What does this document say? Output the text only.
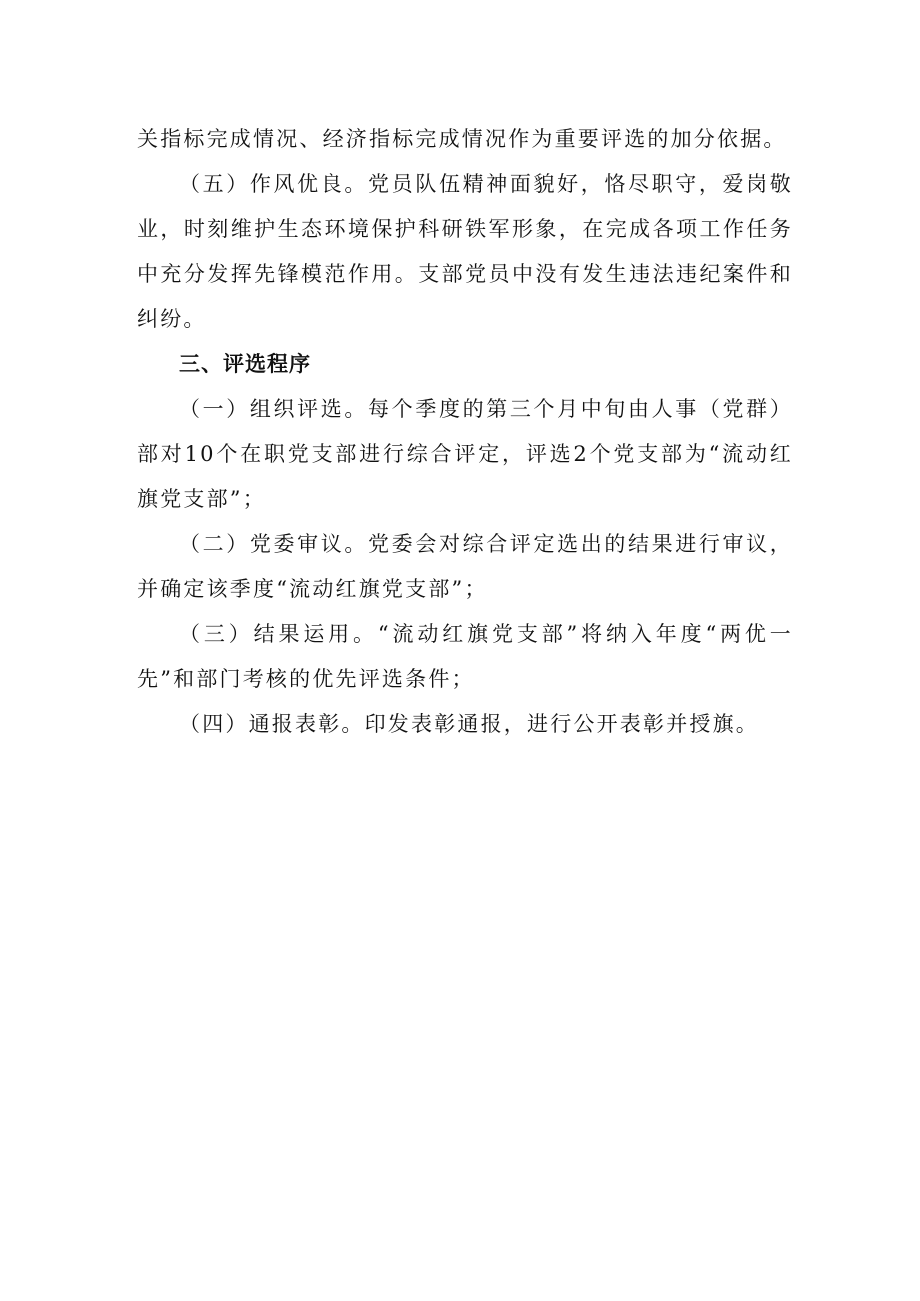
关指标完成情况、经济指标完成情况作为重要评选的加分依据。

（五）作风优良。党员队伍精神面貌好，恪尽职守，爱岗敬业，时刻维护生态环境保护科研铁军形象，在完成各项工作任务中充分发挥先锋模范作用。支部党员中没有发生违法违纪案件和纠纷。

三、评选程序

（一）组织评选。每个季度的第三个月中旬由人事（党群）部对10个在职党支部进行综合评定，评选2个党支部为“流动红旗党支部”；

（二）党委审议。党委会对综合评定选出的结果进行审议，并确定该季度“流动红旗党支部”；

（三）结果运用。“流动红旗党支部”将纳入年度“两优一先”和部门考核的优先评选条件；

（四）通报表彰。印发表彰通报，进行公开表彰并授旗。
